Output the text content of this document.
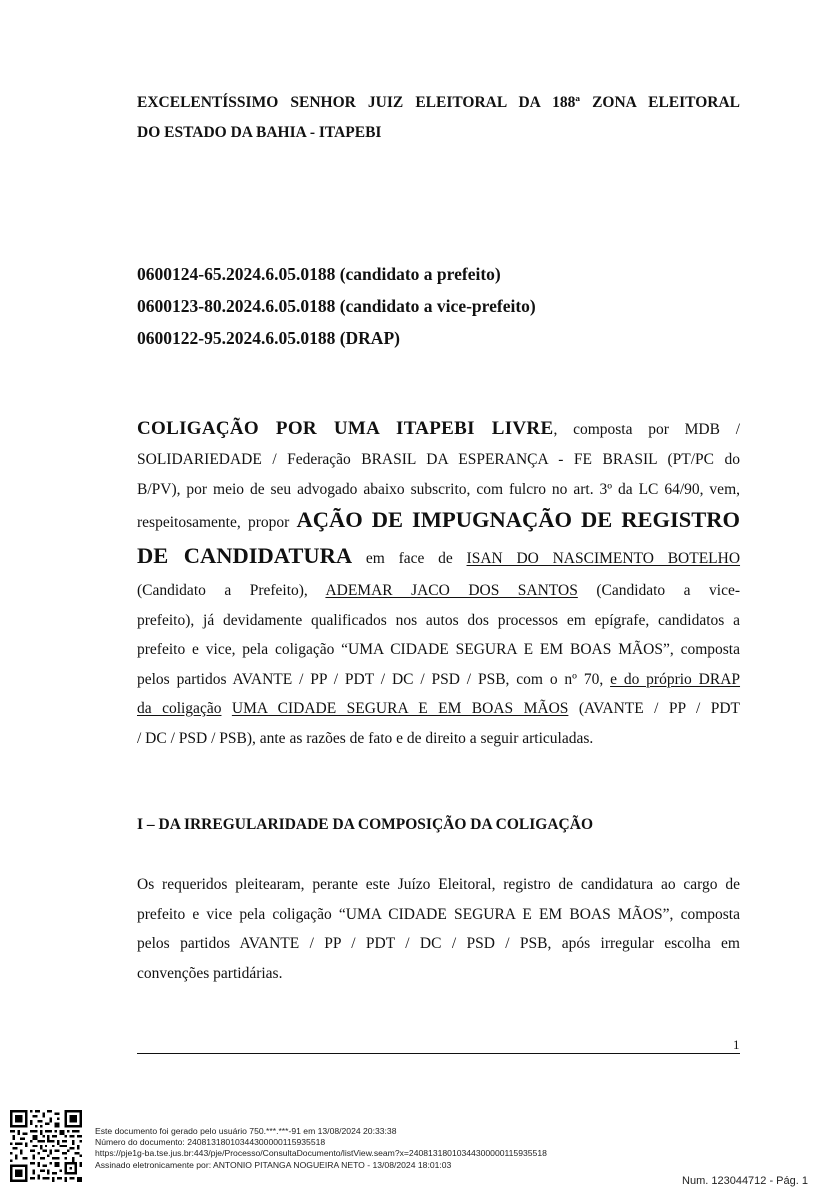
EXCELENTÍSSIMO SENHOR JUIZ ELEITORAL DA 188ª ZONA ELEITORAL
DO ESTADO DA BAHIA - ITAPEBI
0600124-65.2024.6.05.0188 (candidato a prefeito)
0600123-80.2024.6.05.0188 (candidato a vice-prefeito)
0600122-95.2024.6.05.0188 (DRAP)
COLIGAÇÃO POR UMA ITAPEBI LIVRE, composta por MDB /
SOLIDARIEDADE / Federação BRASIL DA ESPERANÇA - FE BRASIL (PT/PC do
B/PV), por meio de seu advogado abaixo subscrito, com fulcro no art. 3º da LC 64/90, vem,
respeitosamente, propor AÇÃO DE IMPUGNAÇÃO DE REGISTRO
DE CANDIDATURA em face de ISAN DO NASCIMENTO BOTELHO
(Candidato a Prefeito), ADEMAR JACO DOS SANTOS (Candidato a vice-
prefeito), já devidamente qualificados nos autos dos processos em epígrafe, candidatos a
prefeito e vice, pela coligação “UMA CIDADE SEGURA E EM BOAS MÃOS”, composta
pelos partidos AVANTE / PP / PDT / DC / PSD / PSB, com o nº 70, e do próprio DRAP
da coligação UMA CIDADE SEGURA E EM BOAS MÃOS (AVANTE / PP / PDT
/ DC / PSD / PSB), ante as razões de fato e de direito a seguir articuladas.
I – DA IRREGULARIDADE DA COMPOSIÇÃO DA COLIGAÇÃO
Os requeridos pleitearam, perante este Juízo Eleitoral, registro de candidatura ao cargo de
prefeito e vice pela coligação “UMA CIDADE SEGURA E EM BOAS MÃOS”, composta
pelos partidos AVANTE / PP / PDT / DC / PSD / PSB, após irregular escolha em
convenções partidárias.
1
Este documento foi gerado pelo usuário 750.***.***-91 em 13/08/2024 20:33:38
Número do documento: 24081318010344300000115935518
https://pje1g-ba.tse.jus.br:443/pje/Processo/ConsultaDocumento/listView.seam?x=24081318010344300000115935518
Assinado eletronicamente por: ANTONIO PITANGA NOGUEIRA NETO - 13/08/2024 18:01:03
Num. 123044712 - Pág. 1
